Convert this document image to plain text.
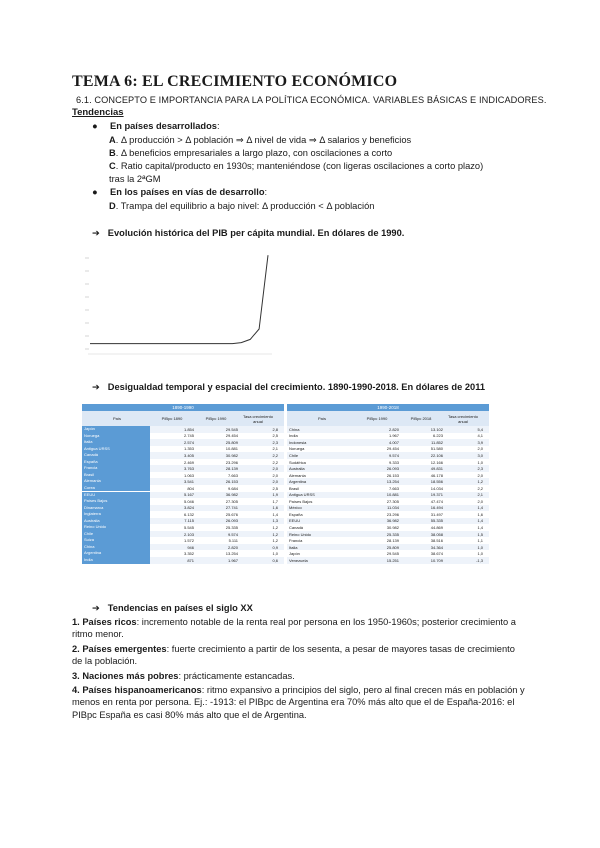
TEMA 6: EL CRECIMIENTO ECONÓMICO
6.1. CONCEPTO E IMPORTANCIA PARA LA POLÍTICA ECONÓMICA. VARIABLES BÁSICAS E INDICADORES.
Tendencias
● En países desarrollados:
A. Δ producción > Δ población ⇒ Δ nivel de vida ⇒ Δ salarios y beneficios
B. Δ beneficios empresariales a largo plazo, con oscilaciones a corto
C. Ratio capital/producto en 1930s; manteniéndose (con ligeras oscilaciones a corto plazo)
tras la 2ªGM
● En los países en vías de desarrollo:
D. Trampa del equilibrio a bajo nivel: Δ producción < Δ población
➔ Evolución histórica del PIB per cápita mundial. En dólares de 1990.
➔ Desigualdad temporal y espacial del crecimiento. 1890-1990-2018. En dólares de 2011
1890-1990
País	PIBpc 1890	PIBpc 1990	Tasa crecimiento anual
Japón	1.854	29.545	2,8
Noruega	2.745	29.454	2,5
Italia	2.574	25.809	2,3
Antigua URSS	1.353	10.881	2,1
Canadá	3.405	30.982	2,2
España	2.469	23.296	2,2
Francia	3.763	28.139	2,0
Brasil	1.063	7.663	2,0
Alemania	3.541	26.153	2,0
Corea	804	9.684	2,5
EEUU	5.167	36.982	1,9
Países Bajos	5.046	27.305	1,7
Dinamarca	3.824	27.741	1,6
Inglaterra	6.132	25.676	1,4
Australia	7.115	26.093	1,3
Reino Unido	5.545	25.335	1,2
Chile	2.103	9.574	1,2
Suiza	1.572	5.111	1,2
China	946	2.820	0,9
Argentina	3.352	13.254	1,0
India	871	1.967	0,6
1990-2018
País	PIBpc 1990	PIBpc 2018	Tasa crecimiento anual
China	2.820	13.102	5,4
India	1.967	6.223	4,1
Indonesia	4.007	11.852	3,9
Noruega	29.454	51.580	2,0
Chile	9.574	22.106	3,0
Sudáfrica	9.333	12.166	1,0
Australia	26.093	49.831	2,3
Alemania	26.153	46.178	2,0
Argentina	13.254	18.556	1,2
Brasil	7.663	14.034	2,2
Antigua URSS	10.881	19.371	2,1
Países Bajos	27.305	47.474	2,0
México	11.034	16.494	1,4
España	23.296	31.497	1,6
EEUU	36.982	55.335	1,4
Canadá	30.982	44.869	1,4
Reino Unido	25.335	38.058	1,5
Francia	28.139	38.516	1,1
Italia	25.809	34.364	1,0
Japón	29.545	38.674	1,0
Venezuela	15.251	10.709	-1,3
➔ Tendencias en países el siglo XX
1. Países ricos: incremento notable de la renta real por persona en los 1950-1960s; posterior crecimiento a ritmo menor.
2. Países emergentes: fuerte crecimiento a partir de los sesenta, a pesar de mayores tasas de crecimiento de la población.
3. Naciones más pobres: prácticamente estancadas.
4. Países hispanoamericanos: ritmo expansivo a principios del siglo, pero al final crecen más en población y menos en renta por persona. Ej.: -1913: el PIBpc de Argentina era 70% más alto que el de España-2016: el PIBpc España es casi 80% más alto que el de Argentina.
